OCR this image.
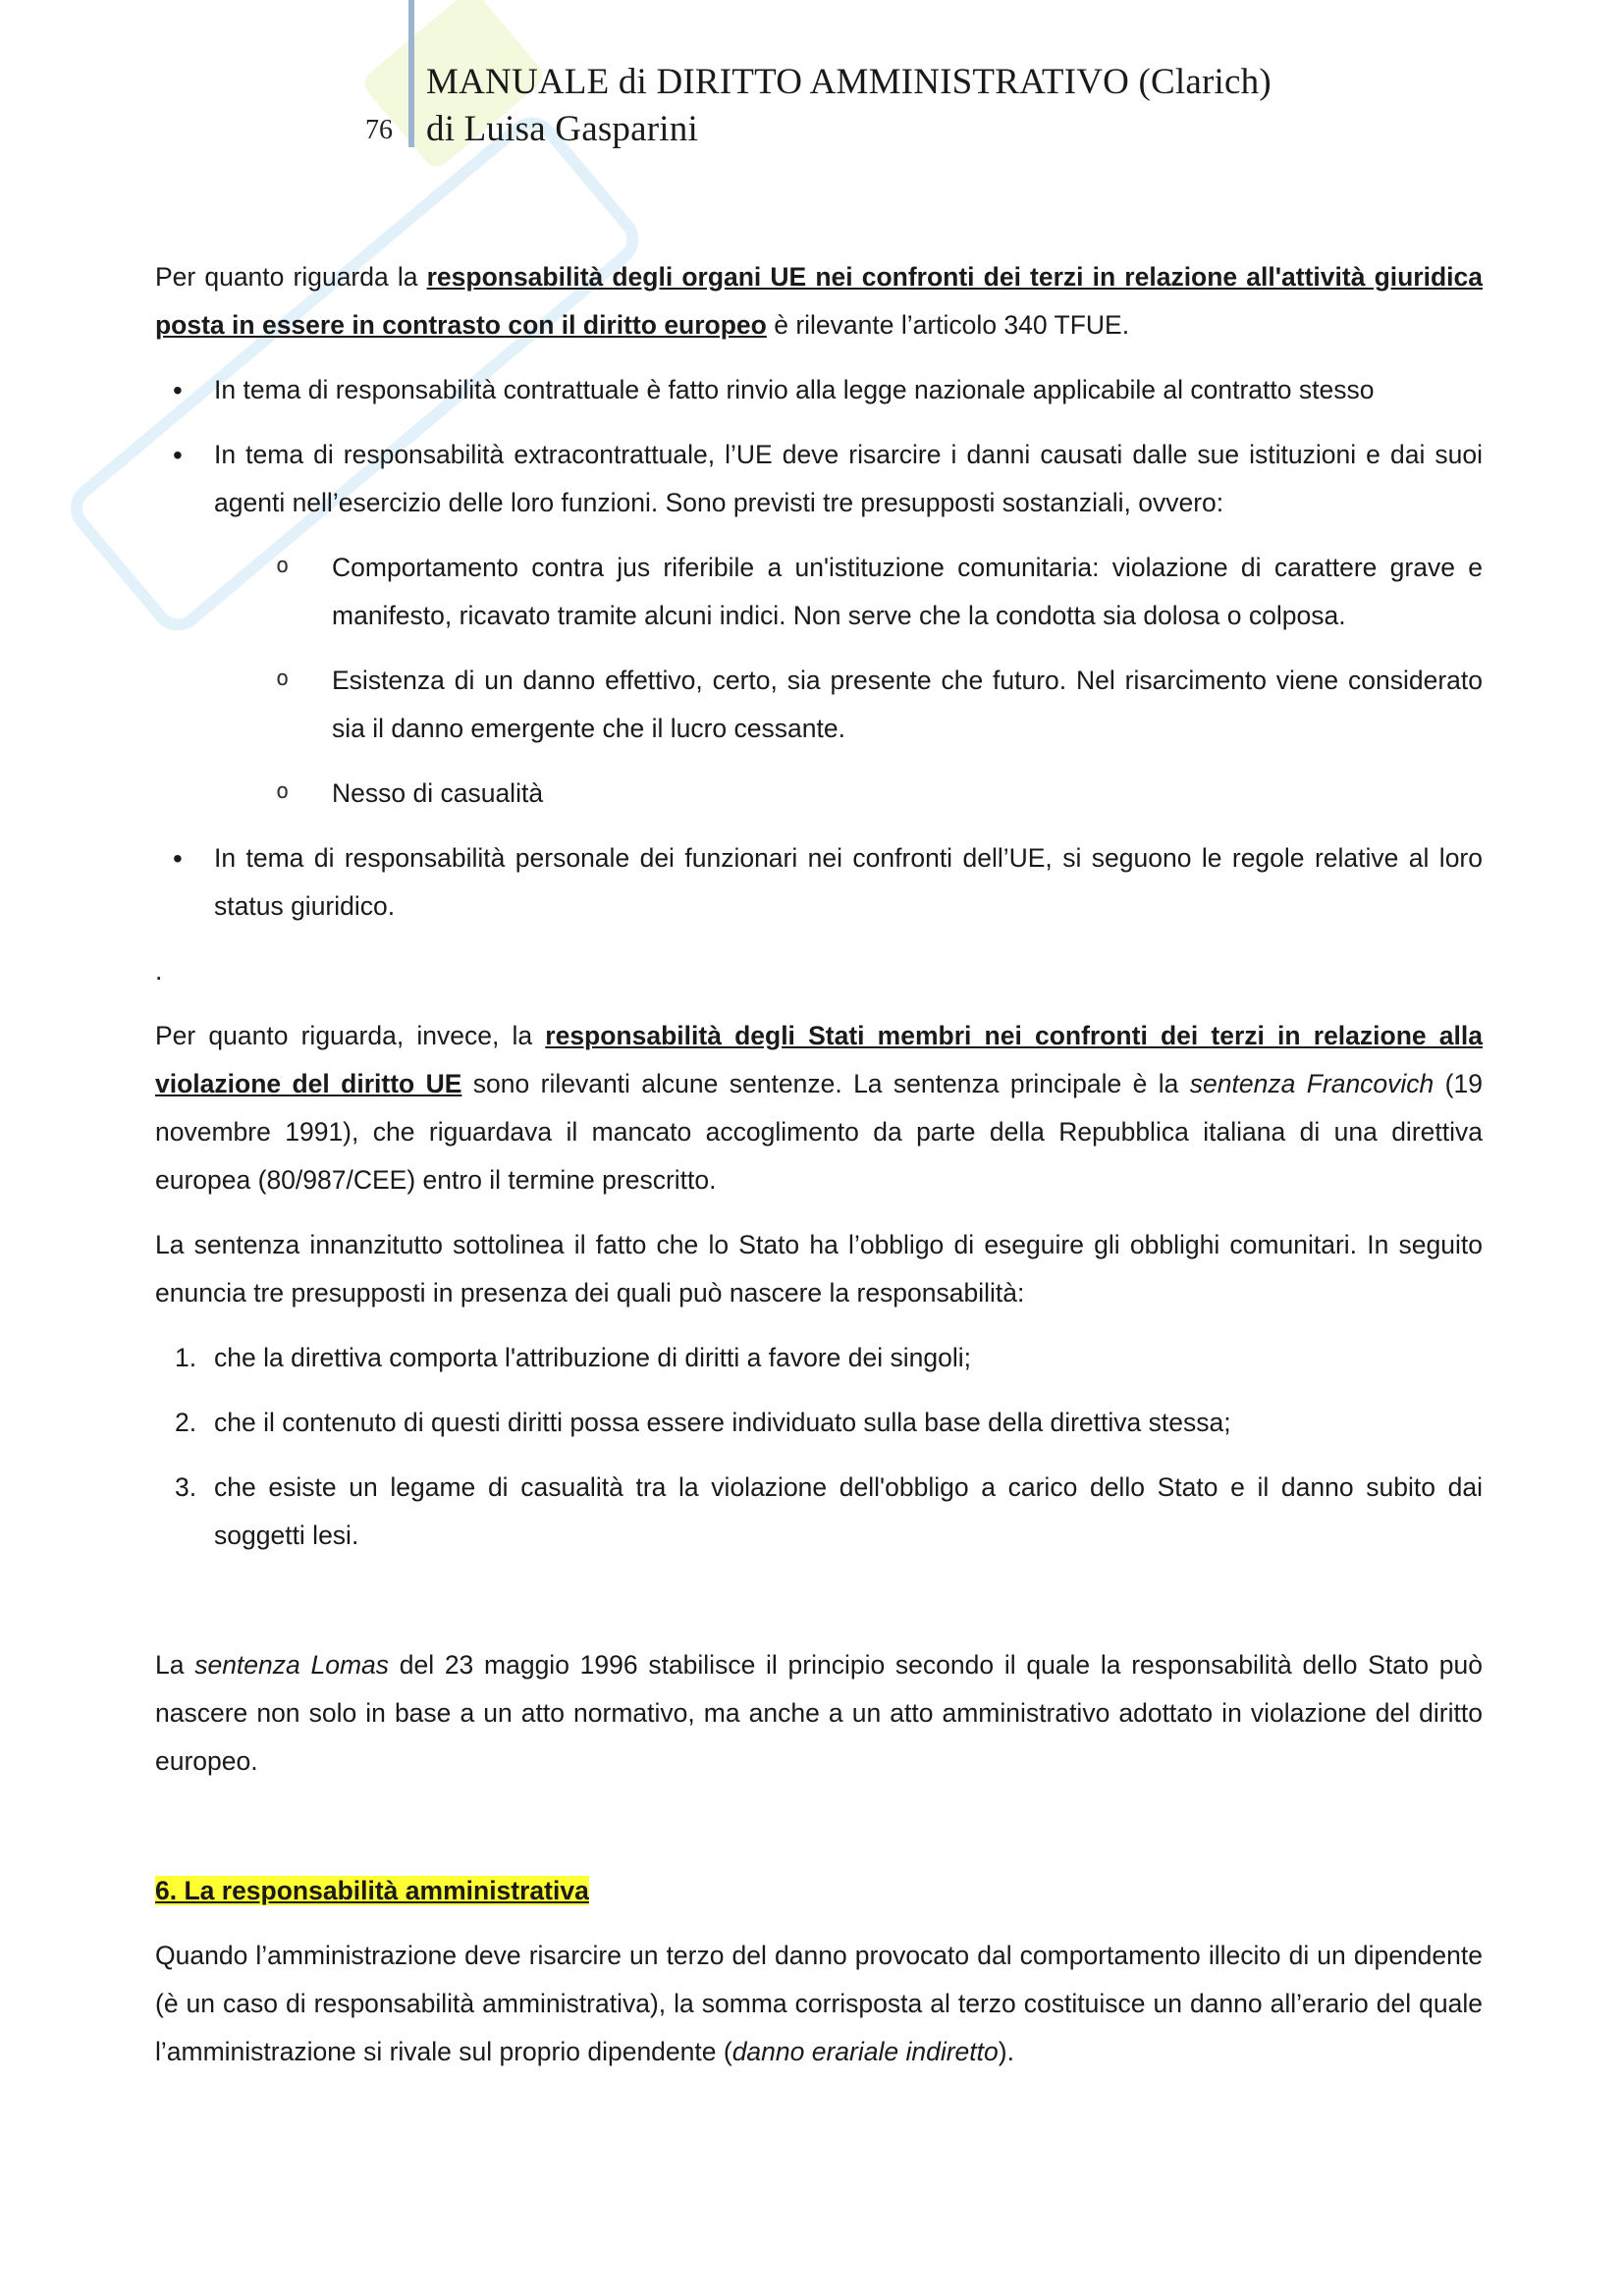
76
MANUALE di DIRITTO AMMINISTRATIVO (Clarich)
di Luisa Gasparini

Per quanto riguarda la responsabilità degli organi UE nei confronti dei terzi in relazione all'attività giuridica posta in essere in contrasto con il diritto europeo è rilevante l’articolo 340 TFUE.

• In tema di responsabilità contrattuale è fatto rinvio alla legge nazionale applicabile al contratto stesso
• In tema di responsabilità extracontrattuale, l’UE deve risarcire i danni causati dalle sue istituzioni e dai suoi agenti nell’esercizio delle loro funzioni. Sono previsti tre presupposti sostanziali, ovvero:
o Comportamento contra jus riferibile a un'istituzione comunitaria: violazione di carattere grave e manifesto, ricavato tramite alcuni indici. Non serve che la condotta sia dolosa o colposa.
o Esistenza di un danno effettivo, certo, sia presente che futuro. Nel risarcimento viene considerato sia il danno emergente che il lucro cessante.
o Nesso di casualità
• In tema di responsabilità personale dei funzionari nei confronti dell’UE, si seguono le regole relative al loro status giuridico.
.

Per quanto riguarda, invece, la responsabilità degli Stati membri nei confronti dei terzi in relazione alla violazione del diritto UE sono rilevanti alcune sentenze. La sentenza principale è la sentenza Francovich (19 novembre 1991), che riguardava il mancato accoglimento da parte della Repubblica italiana di una direttiva europea (80/987/CEE) entro il termine prescritto.

La sentenza innanzitutto sottolinea il fatto che lo Stato ha l’obbligo di eseguire gli obblighi comunitari. In seguito enuncia tre presupposti in presenza dei quali può nascere la responsabilità:

1. che la direttiva comporta l'attribuzione di diritti a favore dei singoli;
2. che il contenuto di questi diritti possa essere individuato sulla base della direttiva stessa;
3. che esiste un legame di casualità tra la violazione dell'obbligo a carico dello Stato e il danno subito dai soggetti lesi.

La sentenza Lomas del 23 maggio 1996 stabilisce il principio secondo il quale la responsabilità dello Stato può nascere non solo in base a un atto normativo, ma anche a un atto amministrativo adottato in violazione del diritto europeo.

6. La responsabilità amministrativa

Quando l’amministrazione deve risarcire un terzo del danno provocato dal comportamento illecito di un dipendente (è un caso di responsabilità amministrativa), la somma corrisposta al terzo costituisce un danno all’erario del quale l’amministrazione si rivale sul proprio dipendente (danno erariale indiretto).
